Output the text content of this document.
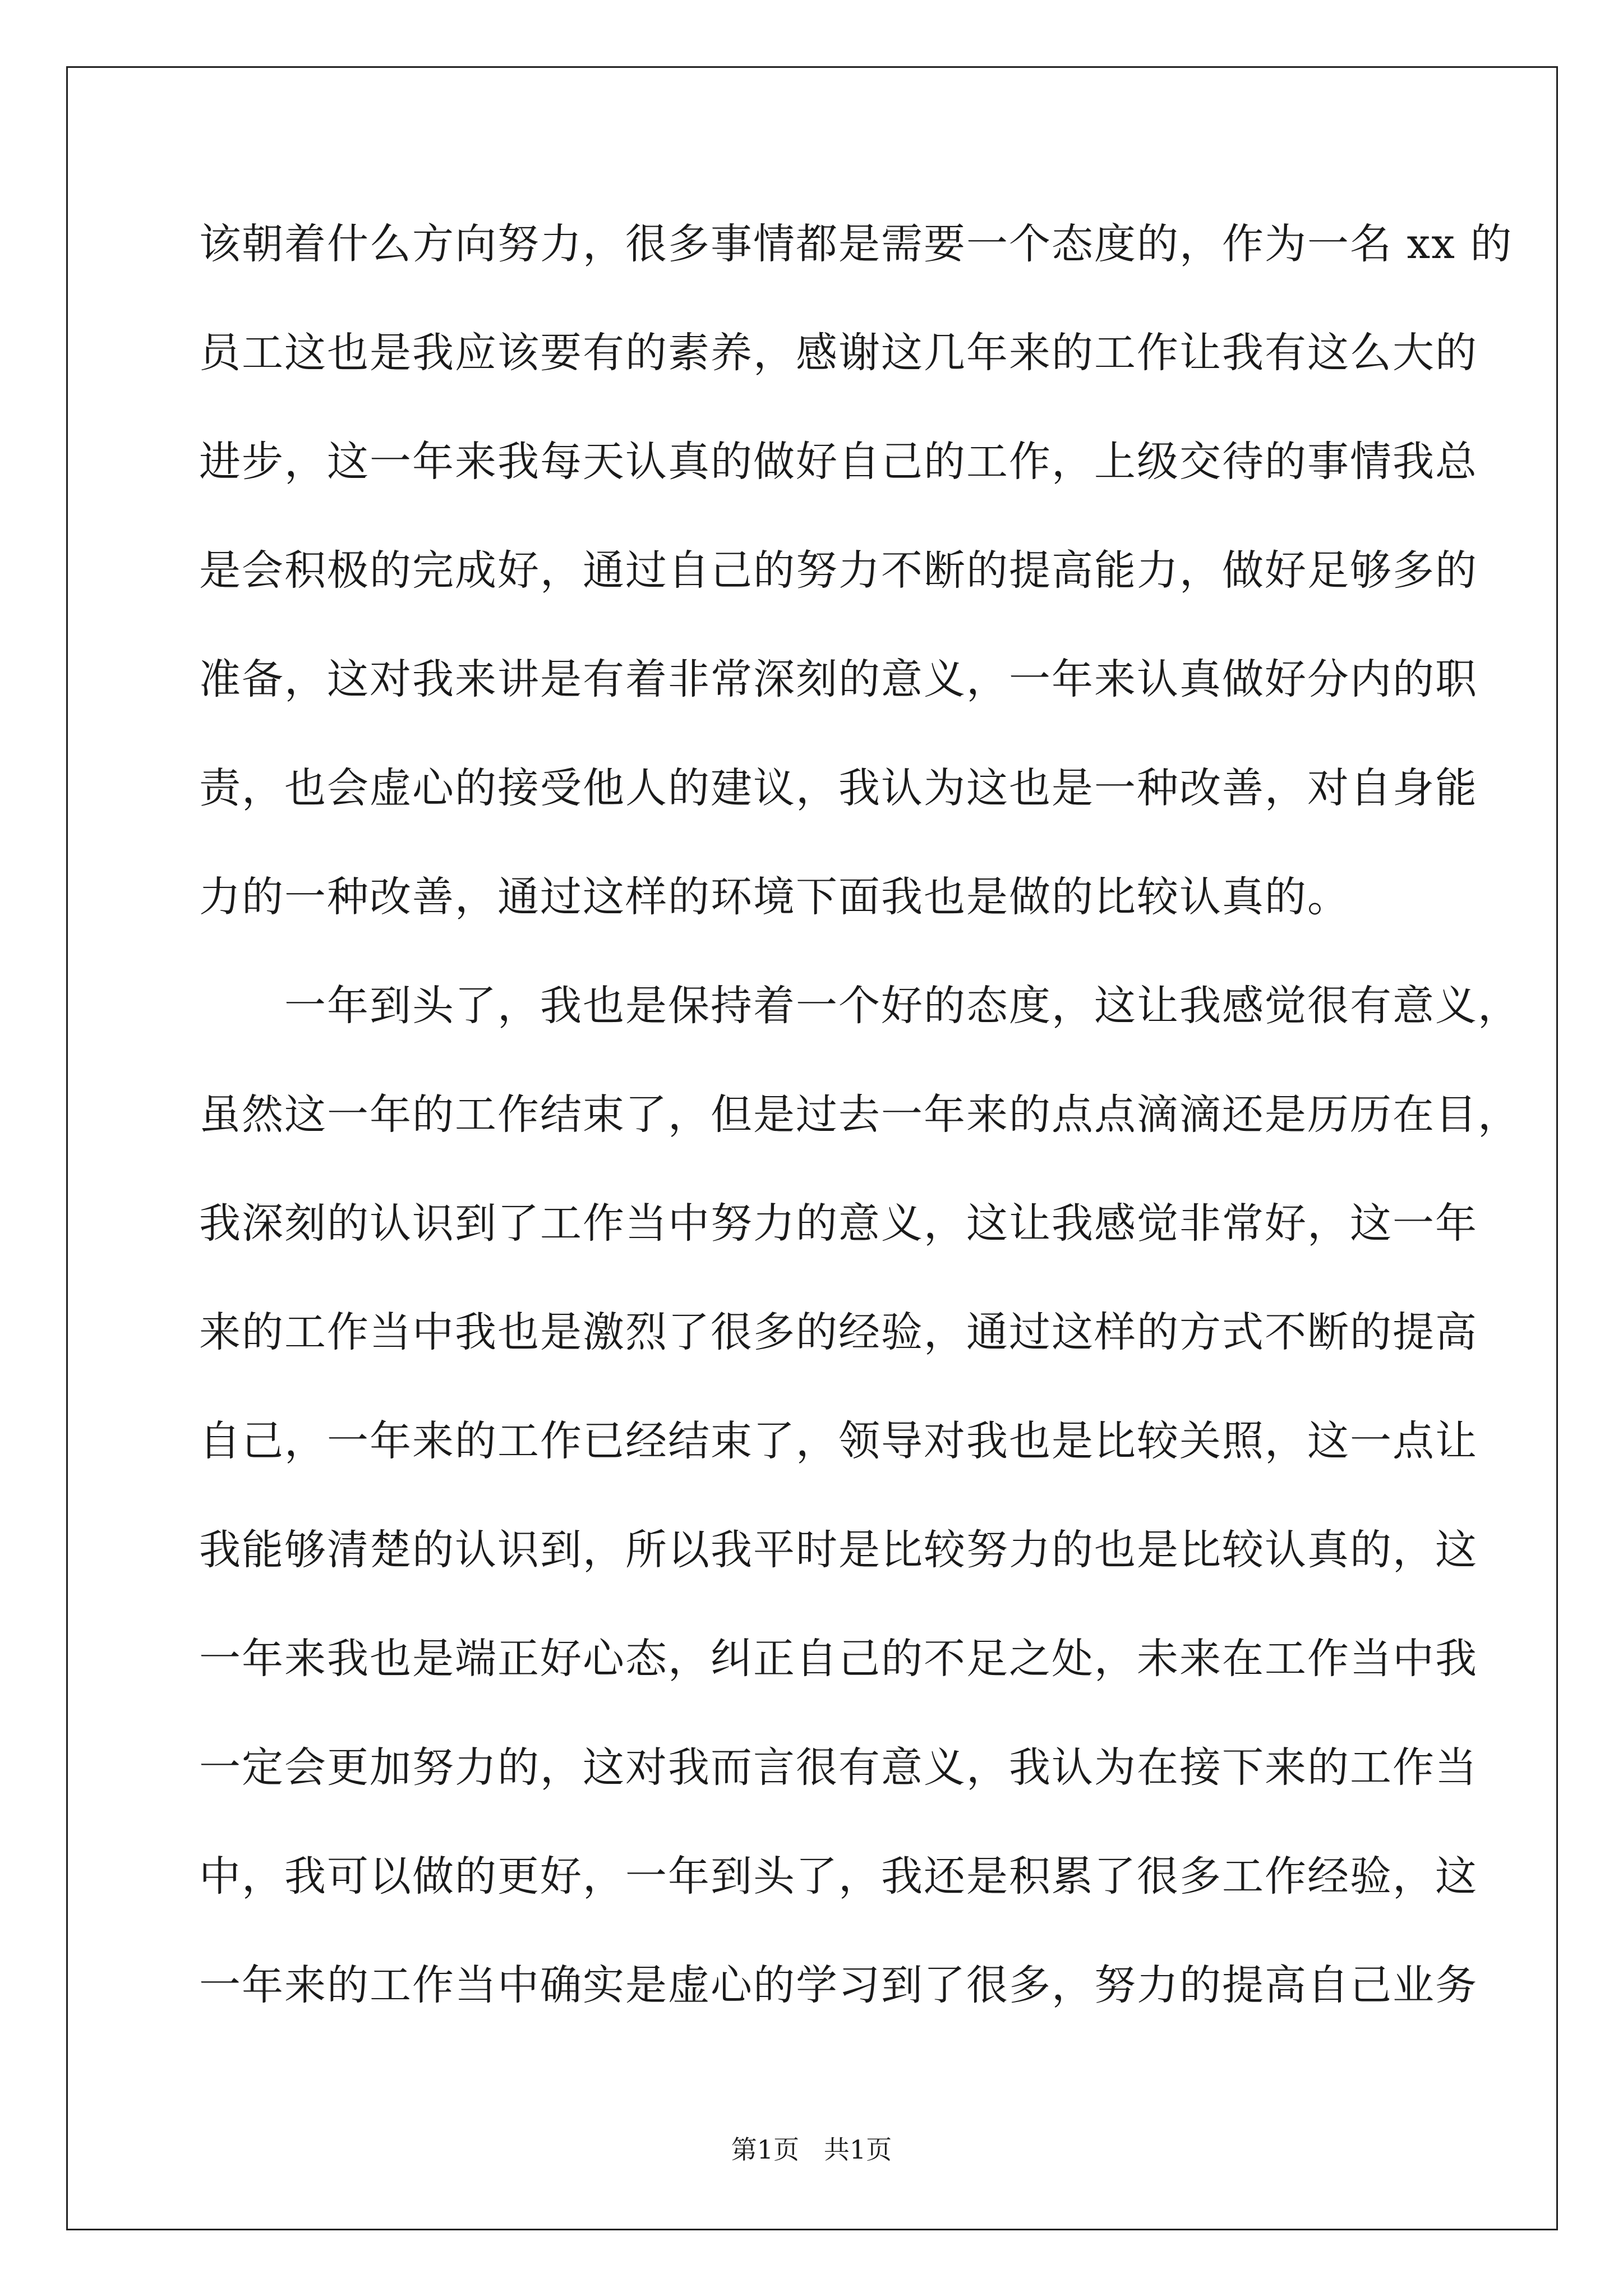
该朝着什么方向努力，很多事情都是需要一个态度的，作为一名 xx 的
员工这也是我应该要有的素养，感谢这几年来的工作让我有这么大的
进步，这一年来我每天认真的做好自己的工作，上级交待的事情我总
是会积极的完成好，通过自己的努力不断的提高能力，做好足够多的
准备，这对我来讲是有着非常深刻的意义，一年来认真做好分内的职
责，也会虚心的接受他人的建议，我认为这也是一种改善，对自身能
力的一种改善，通过这样的环境下面我也是做的比较认真的。
一年到头了，我也是保持着一个好的态度，这让我感觉很有意义，
虽然这一年的工作结束了，但是过去一年来的点点滴滴还是历历在目，
我深刻的认识到了工作当中努力的意义，这让我感觉非常好，这一年
来的工作当中我也是激烈了很多的经验，通过这样的方式不断的提高
自己，一年来的工作已经结束了，领导对我也是比较关照，这一点让
我能够清楚的认识到，所以我平时是比较努力的也是比较认真的，这
一年来我也是端正好心态，纠正自己的不足之处，未来在工作当中我
一定会更加努力的，这对我而言很有意义，我认为在接下来的工作当
中，我可以做的更好，一年到头了，我还是积累了很多工作经验，这
一年来的工作当中确实是虚心的学习到了很多，努力的提高自己业务
第1页   共1页
